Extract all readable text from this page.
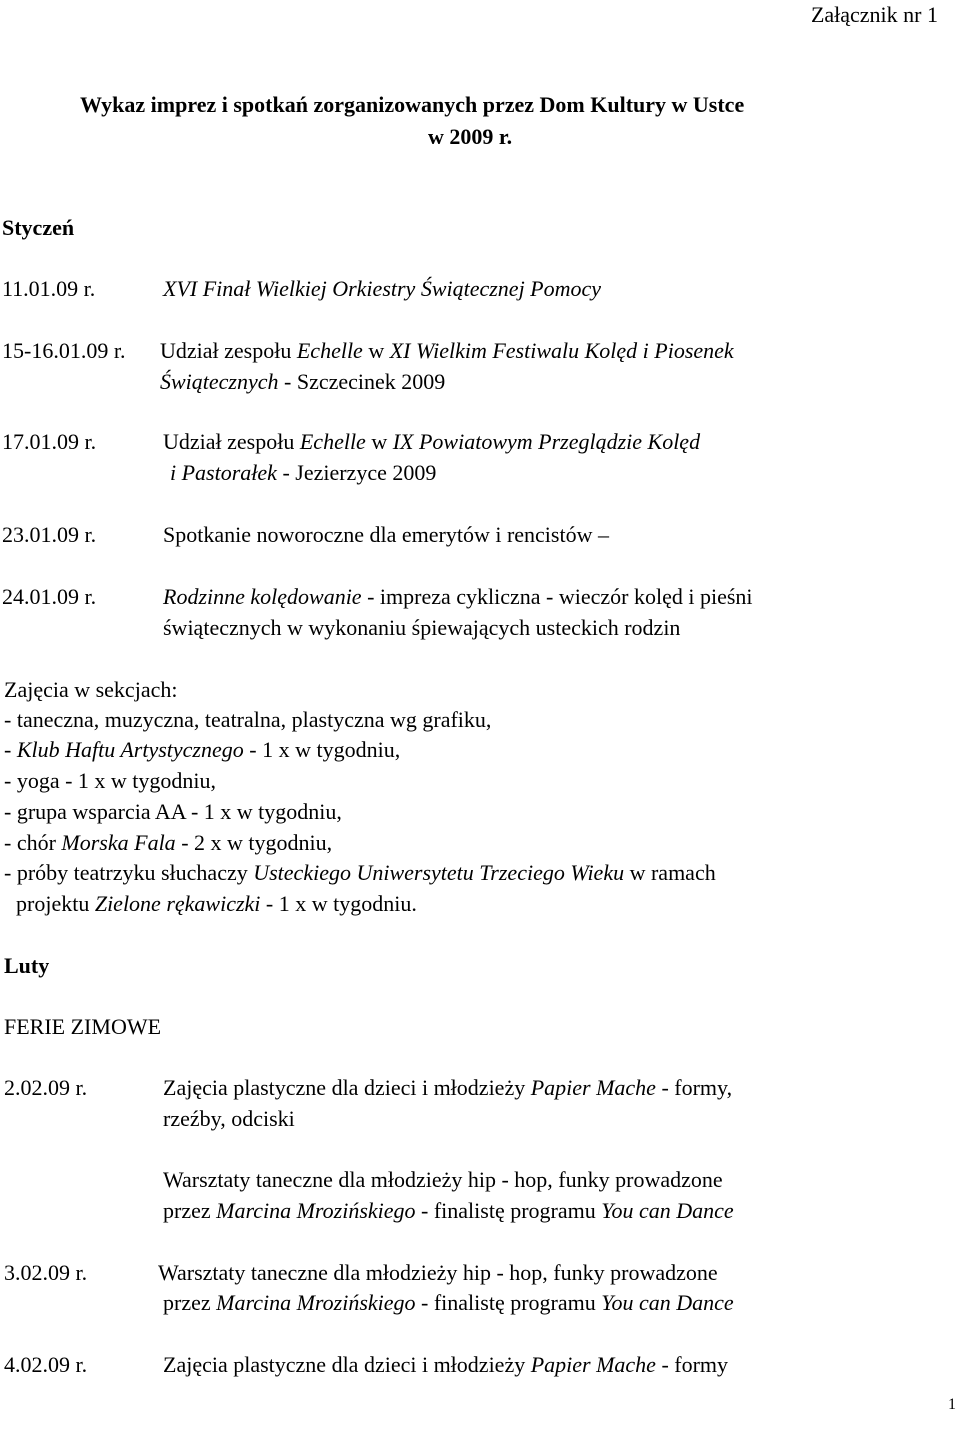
Załącznik nr 1
Wykaz imprez i spotkań zorganizowanych przez Dom Kultury w Ustce
w 2009 r.
Styczeń
11.01.09 r.	XVI Finał Wielkiej Orkiestry Świątecznej Pomocy
15-16.01.09 r. Udział zespołu Echelle w XI Wielkim Festiwalu Kolęd i Piosenek
Świątecznych - Szczecinek 2009
17.01.09 r.	Udział zespołu Echelle w IX Powiatowym Przeglądzie Kolęd
i Pastorałek - Jezierzyce 2009
23.01.09 r.	Spotkanie noworoczne dla emerytów i rencistów –
24.01.09 r.	Rodzinne kolędowanie - impreza cykliczna - wieczór kolęd i pieśni
świątecznych w wykonaniu śpiewających usteckich rodzin
Zajęcia w sekcjach:
- taneczna, muzyczna, teatralna, plastyczna wg grafiku,
- Klub Haftu Artystycznego - 1 x w tygodniu,
- yoga - 1 x w tygodniu,
- grupa wsparcia AA - 1 x w tygodniu,
- chór Morska Fala - 2 x w tygodniu,
- próby teatrzyku słuchaczy Usteckiego Uniwersytetu Trzeciego Wieku w ramach
projektu Zielone rękawiczki - 1 x w tygodniu.
Luty
FERIE ZIMOWE
2.02.09 r.	Zajęcia plastyczne dla dzieci i młodzieży Papier Mache - formy,
rzeźby, odciski
Warsztaty taneczne dla młodzieży hip - hop, funky prowadzone
przez Marcina Mrozińskiego - finalistę programu You can Dance
3.02.09 r.	Warsztaty taneczne dla młodzieży hip - hop, funky prowadzone
przez Marcina Mrozińskiego - finalistę programu You can Dance
4.02.09 r.	Zajęcia plastyczne dla dzieci i młodzieży Papier Mache - formy
1
